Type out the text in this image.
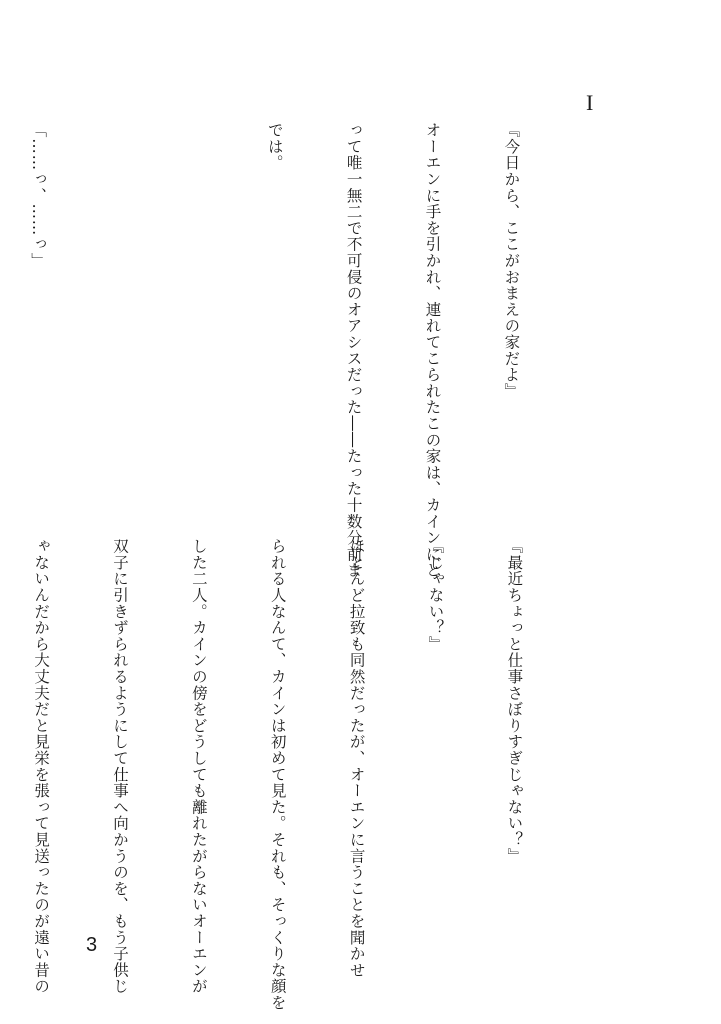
I

『今日から、ここがおまえの家だよ』

オーエンに手を引かれ、連れてこられたこの家は、カインにと

って唯一無二で不可侵のオアシスだった――たった十数分前ま

では。

「……っ、……っ」

『最近ちょっと仕事さぼりすぎじゃない？』

『じゃない？』

ほとんど拉致も同然だったが、オーエンに言うことを聞かせ

られる人なんて、カインは初めて見た。それも、そっくりな顔を

した二人。カインの傍をどうしても離れたがらないオーエンが

双子に引きずられるようにして仕事へ向かうのを、もう子供じ

ゃないんだから大丈夫だと見栄を張って見送ったのが遠い昔の

3
